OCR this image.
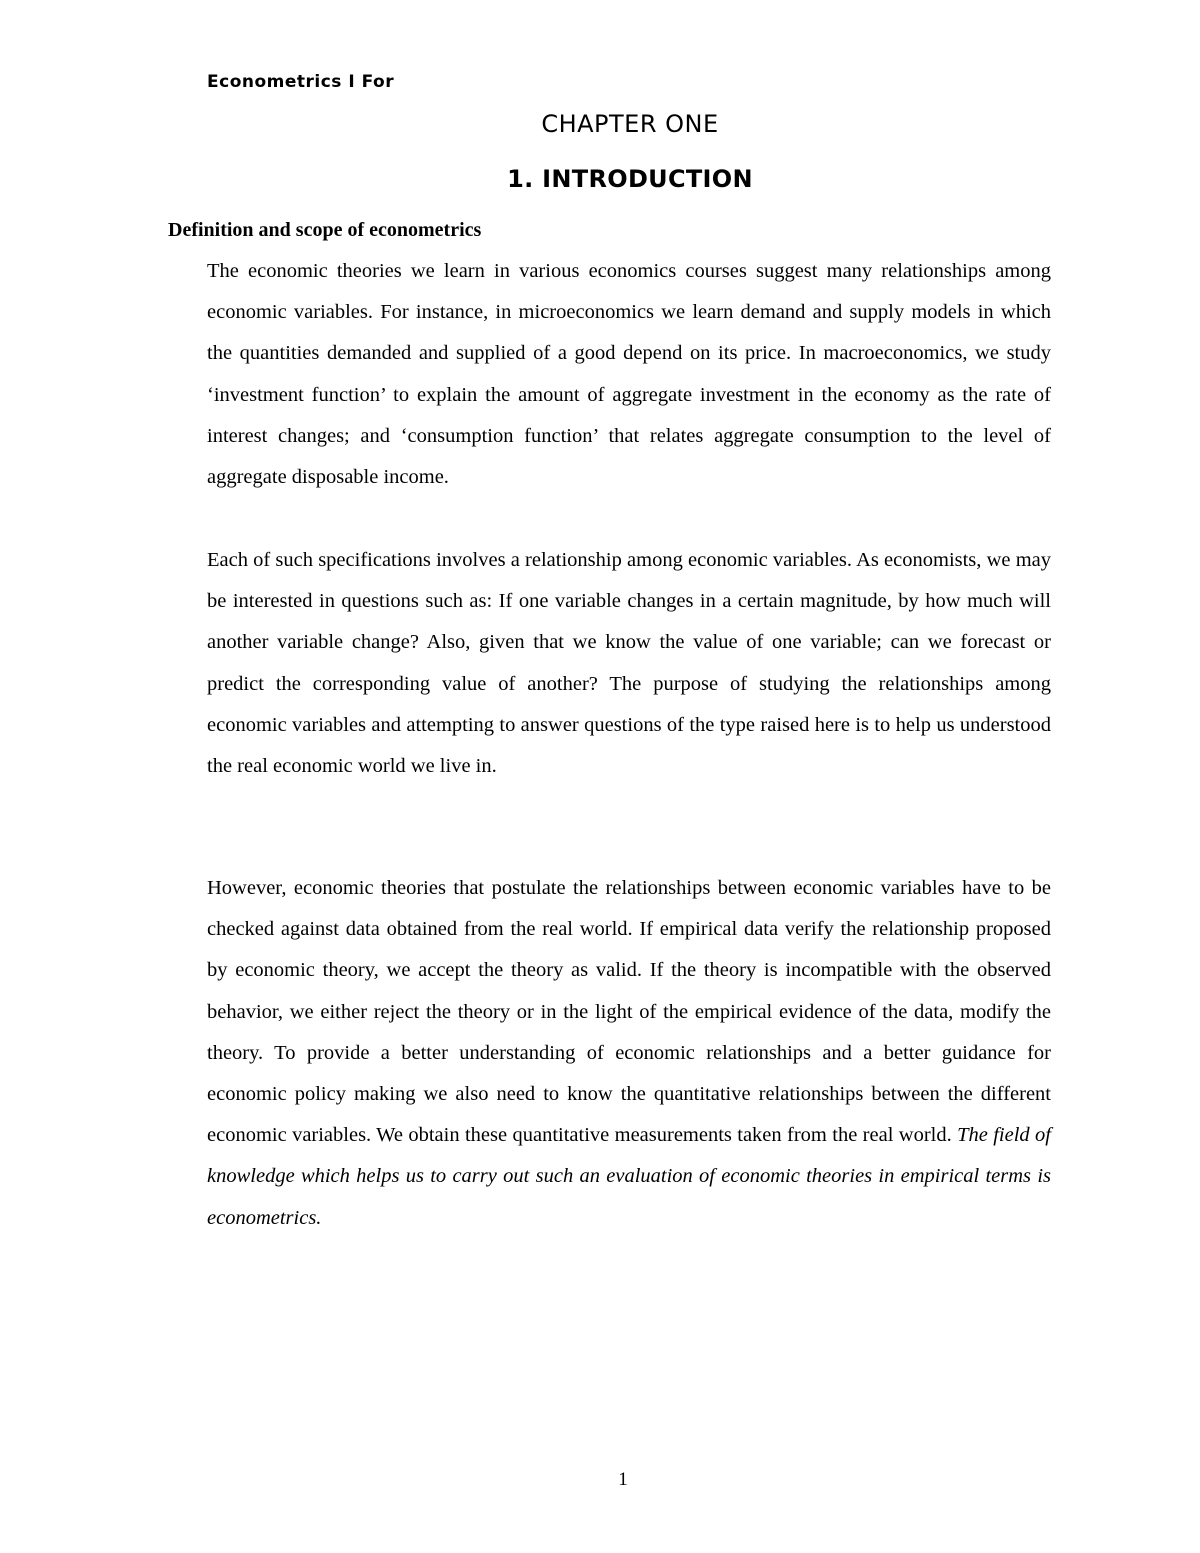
Econometrics I For
CHAPTER ONE
1. INTRODUCTION
Definition and scope of econometrics

The economic theories we learn in various economics courses suggest many relationships among economic variables. For instance, in microeconomics we learn demand and supply models in which the quantities demanded and supplied of a good depend on its price. In macroeconomics, we study ‘investment function’ to explain the amount of aggregate investment in the economy as the rate of interest changes; and ‘consumption function’ that relates aggregate consumption to the level of aggregate disposable income.

Each of such specifications involves a relationship among economic variables. As economists, we may be interested in questions such as: If one variable changes in a certain magnitude, by how much will another variable change? Also, given that we know the value of one variable; can we forecast or predict the corresponding value of another? The purpose of studying the relationships among economic variables and attempting to answer questions of the type raised here is to help us understood the real economic world we live in.

However, economic theories that postulate the relationships between economic variables have to be checked against data obtained from the real world. If empirical data verify the relationship proposed by economic theory, we accept the theory as valid. If the theory is incompatible with the observed behavior, we either reject the theory or in the light of the empirical evidence of the data, modify the theory. To provide a better understanding of economic relationships and a better guidance for economic policy making we also need to know the quantitative relationships between the different economic variables. We obtain these quantitative measurements taken from the real world. The field of knowledge which helps us to carry out such an evaluation of economic theories in empirical terms is econometrics.

1
